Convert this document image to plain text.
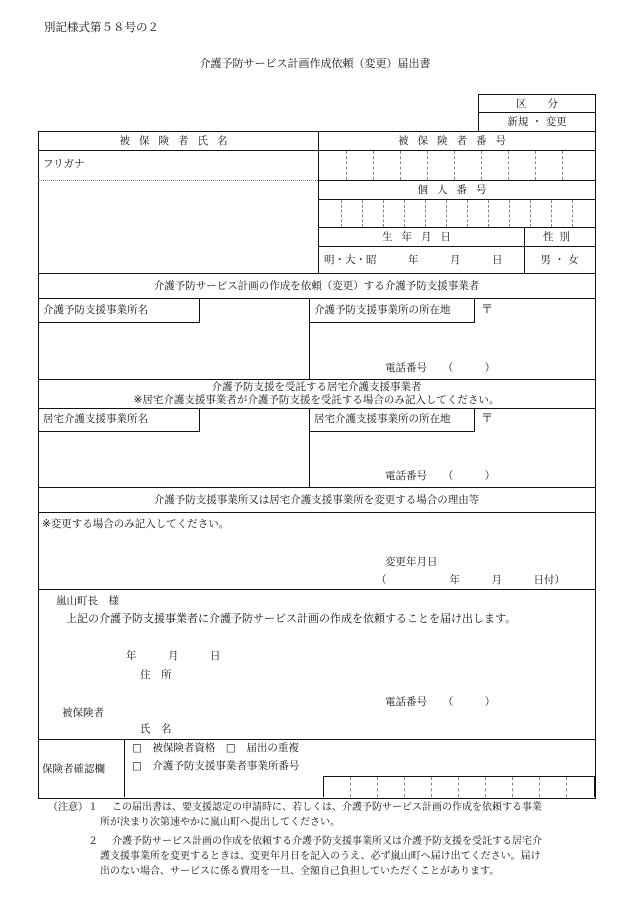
別記様式第５８号の２
介護予防サービス計画作成依頼（変更）届出書
区　　分
新規 ・ 変更
被保険者氏名	被保険者番号
フリガナ
個人番号
生年月日	性別
明・大・昭　　　年　　　月　　　日	男 ・ 女
介護予防サービス計画の作成を依頼（変更）する介護予防支援事業者
介護予防支援事業所名	介護予防支援事業所の所在地	〒
電話番号　　（　　　）
介護予防支援を受託する居宅介護支援事業者
※居宅介護支援事業者が介護予防支援を受託する場合のみ記入してください。
居宅介護支援事業所名	居宅介護支援事業所の所在地	〒
電話番号　　（　　　）
介護予防支援事業所又は居宅介護支援事業所を変更する場合の理由等
※変更する場合のみ記入してください。
変更年月日
（　　　　　　年　　　月　　　日付）
嵐山町長　様
上記の介護予防支援事業者に介護予防サービス計画の作成を依頼することを届け出します。
年　　　月　　　日
住　所
電話番号　　（　　　）
被保険者
氏　名
保険者確認欄
□　被保険者資格　□　届出の重複
□　介護予防支援事業者事業所番号
（注意）１ この届出書は、要支援認定の申請時に、若しくは、介護予防サービス計画の作成を依頼する事業
所が決まり次第速やかに嵐山町へ提出してください。
２ 介護予防サービス計画の作成を依頼する介護予防支援事業所又は介護予防支援を受託する居宅介
護支援事業所を変更するときは、変更年月日を記入のうえ、必ず嵐山町へ届け出てください。届け
出のない場合、サービスに係る費用を一旦、全額自己負担していただくことがあります。
